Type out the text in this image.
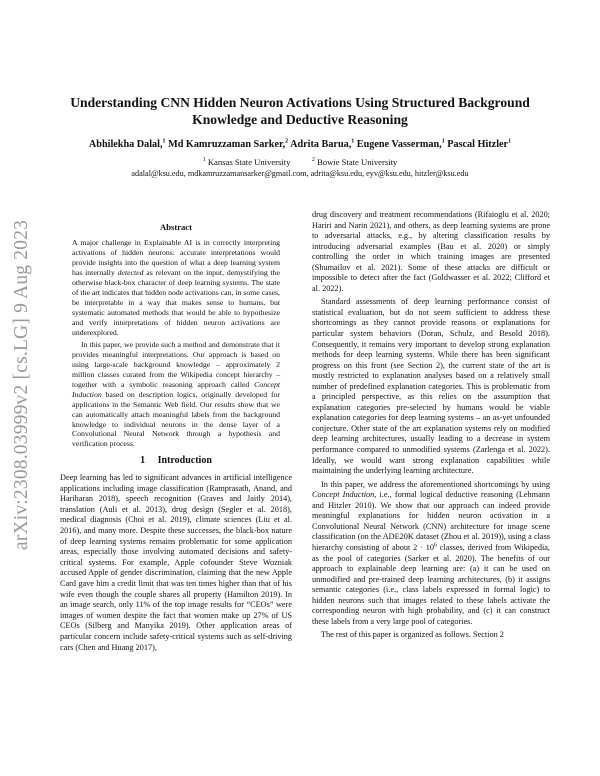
arXiv:2308.03999v2 [cs.LG] 9 Aug 2023
Understanding CNN Hidden Neuron Activations Using Structured Background Knowledge and Deductive Reasoning
Abhilekha Dalal,$^1$ Md Kamruzzaman Sarker,$^2$ Adrita Barua,$^1$ Eugene Vasserman,$^1$ Pascal Hitzler$^1$
$^1$ Kansas State University	$^2$ Bowie State University
adalal@ksu.edu, mdkamruzzamansarker@gmail.com, adrita@ksu.edu, eyv@ksu.edu, hitzler@ksu.edu
Abstract

A major challenge in Explainable AI is in correctly interpreting activations of hidden neurons: accurate interpretations would provide insights into the question of what a deep learning system has internally detected as relevant on the input, demystifying the otherwise black-box character of deep learning systems. The state of the art indicates that hidden node activations can, in some cases, be interpretable in a way that makes sense to humans, but systematic automated methods that would be able to hypothesize and verify interpretations of hidden neuron activations are underexplored.

In this paper, we provide such a method and demonstrate that it provides meaningful interpretations. Our approach is based on using large-scale background knowledge – approximately 2 million classes curated from the Wikipedia concept hierarchy – together with a symbolic reasoning approach called Concept Induction based on description logics, originally developed for applications in the Semantic Web field. Our results show that we can automatically attach meaningful labels from the background knowledge to individual neurons in the dense layer of a Convolutional Neural Network through a hypothesis and verification process.

1     Introduction

Deep learning has led to significant advances in artificial intelligence applications including image classification (Ramprasath, Anand, and Hariharan 2018), speech recognition (Graves and Jaitly 2014), translation (Auli et al. 2013), drug design (Segler et al. 2018), medical diagnosis (Choi et al. 2019), climate sciences (Liu et al. 2016), and many more. Despite these successes, the black-box nature of deep learning systems remains problematic for some application areas, especially those involving automated decisions and safety-critical systems. For example, Apple cofounder Steve Wozniak accused Apple of gender discrimination, claiming that the new Apple Card gave him a credit limit that was ten times higher than that of his wife even though the couple shares all property (Hamilton 2019). In an image search, only 11% of the top image results for “CEOs” were images of women despite the fact that women make up 27% of US CEOs (Silberg and Manyika 2019). Other application areas of particular concern include safety-critical systems such as self-driving cars (Chen and Huang 2017),

drug discovery and treatment recommendations (Rifaioglu et al. 2020; Hariri and Narin 2021), and others, as deep learning systems are prone to adversarial attacks, e.g., by altering classification results by introducing adversarial examples (Bau et al. 2020) or simply controlling the order in which training images are presented (Shumailov et al. 2021). Some of these attacks are difficult or impossible to detect after the fact (Goldwasser et al. 2022; Clifford et al. 2022).

Standard assessments of deep learning performance consist of statistical evaluation, but do not seem sufficient to address these shortcomings as they cannot provide reasons or explanations for particular system behaviors (Doran, Schulz, and Besold 2018). Consequently, it remains very important to develop strong explanation methods for deep learning systems. While there has been significant progress on this front (see Section 2), the current state of the art is mostly restricted to explanation analyses based on a relatively small number of predefined explanation categories. This is problematic from a principled perspective, as this relies on the assumption that explanation categories pre-selected by humans would be viable explanation categories for deep learning systems – an as-yet unfounded conjecture. Other state of the art explanation systems rely on modified deep learning architectures, usually leading to a decrease in system performance compared to unmodified systems (Zarlenga et al. 2022). Ideally, we would want strong explanation capabilities while maintaining the underlying learning architecture.

In this paper, we address the aforementioned shortcomings by using Concept Induction, i.e., formal logical deductive reasoning (Lehmann and Hitzler 2010). We show that our approach can indeed provide meaningful explanations for hidden neuron activation in a Convolutional Neural Network (CNN) architecture for image scene classification (on the ADE20K dataset (Zhou et al. 2019)), using a class hierarchy consisting of about $2 \cdot 10^6$ classes, derived from Wikipedia, as the pool of categories (Sarker et al. 2020). The benefits of our approach to explainable deep learning are: (a) it can be used on unmodified and pre-trained deep learning architectures, (b) it assigns semantic categories (i.e., class labels expressed in formal logic) to hidden neurons such that images related to these labels activate the corresponding neuron with high probability, and (c) it can construct these labels from a very large pool of categories.

The rest of this paper is organized as follows. Section 2
